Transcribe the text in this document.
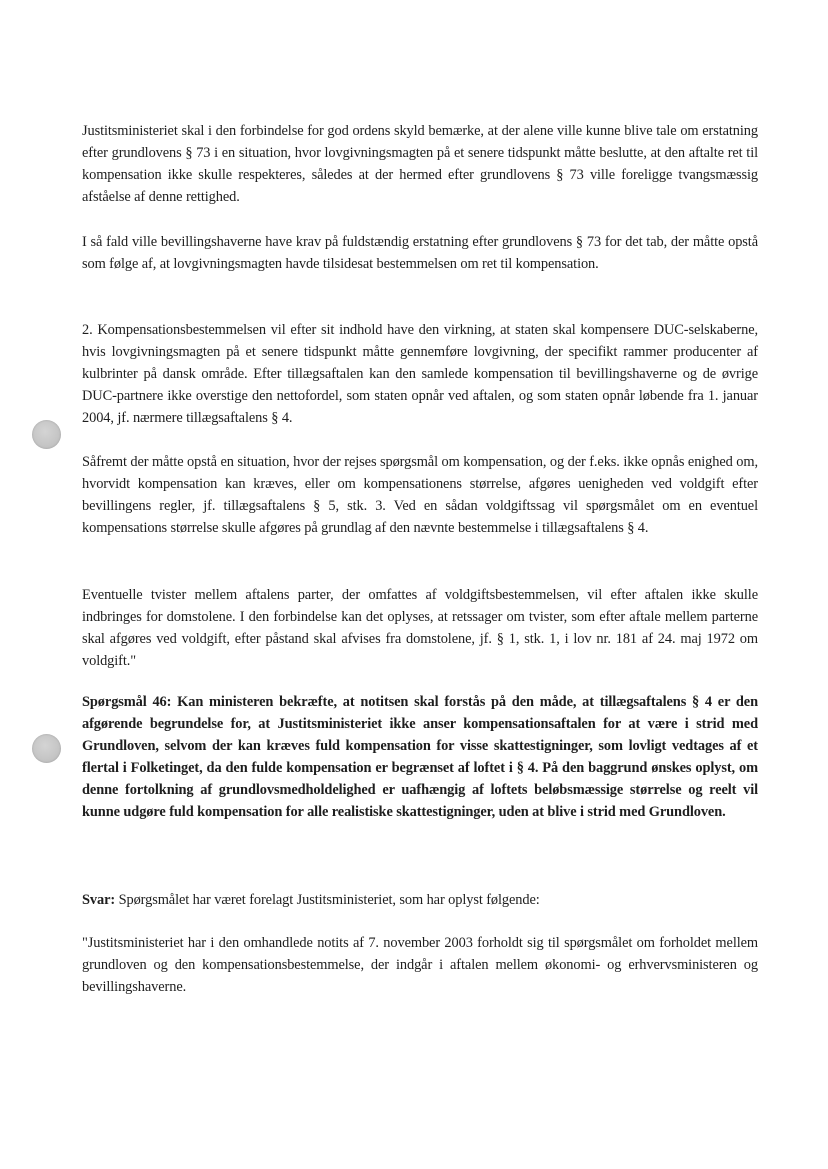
Justitsministeriet skal i den forbindelse for god ordens skyld bemærke, at der alene ville kunne blive tale om erstatning efter grundlovens § 73 i en situation, hvor lovgivningsmagten på et senere tidspunkt måtte beslutte, at den aftalte ret til kompensation ikke skulle respekteres, således at der hermed efter grundlovens § 73 ville foreligge tvangsmæssig afståelse af denne rettighed.

I så fald ville bevillingshaverne have krav på fuldstændig erstatning efter grundlovens § 73 for det tab, der måtte opstå som følge af, at lovgivningsmagten havde tilsidesat bestemmelsen om ret til kompensation.

2. Kompensationsbestemmelsen vil efter sit indhold have den virkning, at staten skal kompensere DUC-selskaberne, hvis lovgivningsmagten på et senere tidspunkt måtte gennemføre lovgivning, der specifikt rammer producenter af kulbrinter på dansk område. Efter tillægsaftalen kan den samlede kompensation til bevillingshaverne og de øvrige DUC-partnere ikke overstige den nettofordel, som staten opnår ved aftalen, og som staten opnår løbende fra 1. januar 2004, jf. nærmere tillægsaftalens § 4.

Såfremt der måtte opstå en situation, hvor der rejses spørgsmål om kompensation, og der f.eks. ikke opnås enighed om, hvorvidt kompensation kan kræves, eller om kompensationens størrelse, afgøres uenigheden ved voldgift efter bevillingens regler, jf. tillægsaftalens § 5, stk. 3. Ved en sådan voldgiftssag vil spørgsmålet om en eventuel kompensations størrelse skulle afgøres på grundlag af den nævnte bestemmelse i tillægsaftalens § 4.

Eventuelle tvister mellem aftalens parter, der omfattes af voldgiftsbestemmelsen, vil efter aftalen ikke skulle indbringes for domstolene. I den forbindelse kan det oplyses, at retssager om tvister, som efter aftale mellem parterne skal afgøres ved voldgift, efter påstand skal afvises fra domstolene, jf. § 1, stk. 1, i lov nr. 181 af 24. maj 1972 om voldgift."

Spørgsmål 46: Kan ministeren bekræfte, at notitsen skal forstås på den måde, at tillægsaftalens § 4 er den afgørende begrundelse for, at Justitsministeriet ikke anser kompensationsaftalen for at være i strid med Grundloven, selvom der kan kræves fuld kompensation for visse skattestigninger, som lovligt vedtages af et flertal i Folketinget, da den fulde kompensation er begrænset af loftet i § 4. På den baggrund ønskes oplyst, om denne fortolkning af grundlovsmedholdelighed er uafhængig af loftets beløbsmæssige størrelse og reelt vil kunne udgøre fuld kompensation for alle realistiske skattestigninger, uden at blive i strid med Grundloven.

Svar: Spørgsmålet har været forelagt Justitsministeriet, som har oplyst følgende:

"Justitsministeriet har i den omhandlede notits af 7. november 2003 forholdt sig til spørgsmålet om forholdet mellem grundloven og den kompensationsbestemmelse, der indgår i aftalen mellem økonomi- og erhvervsministeren og bevillingshaverne.
